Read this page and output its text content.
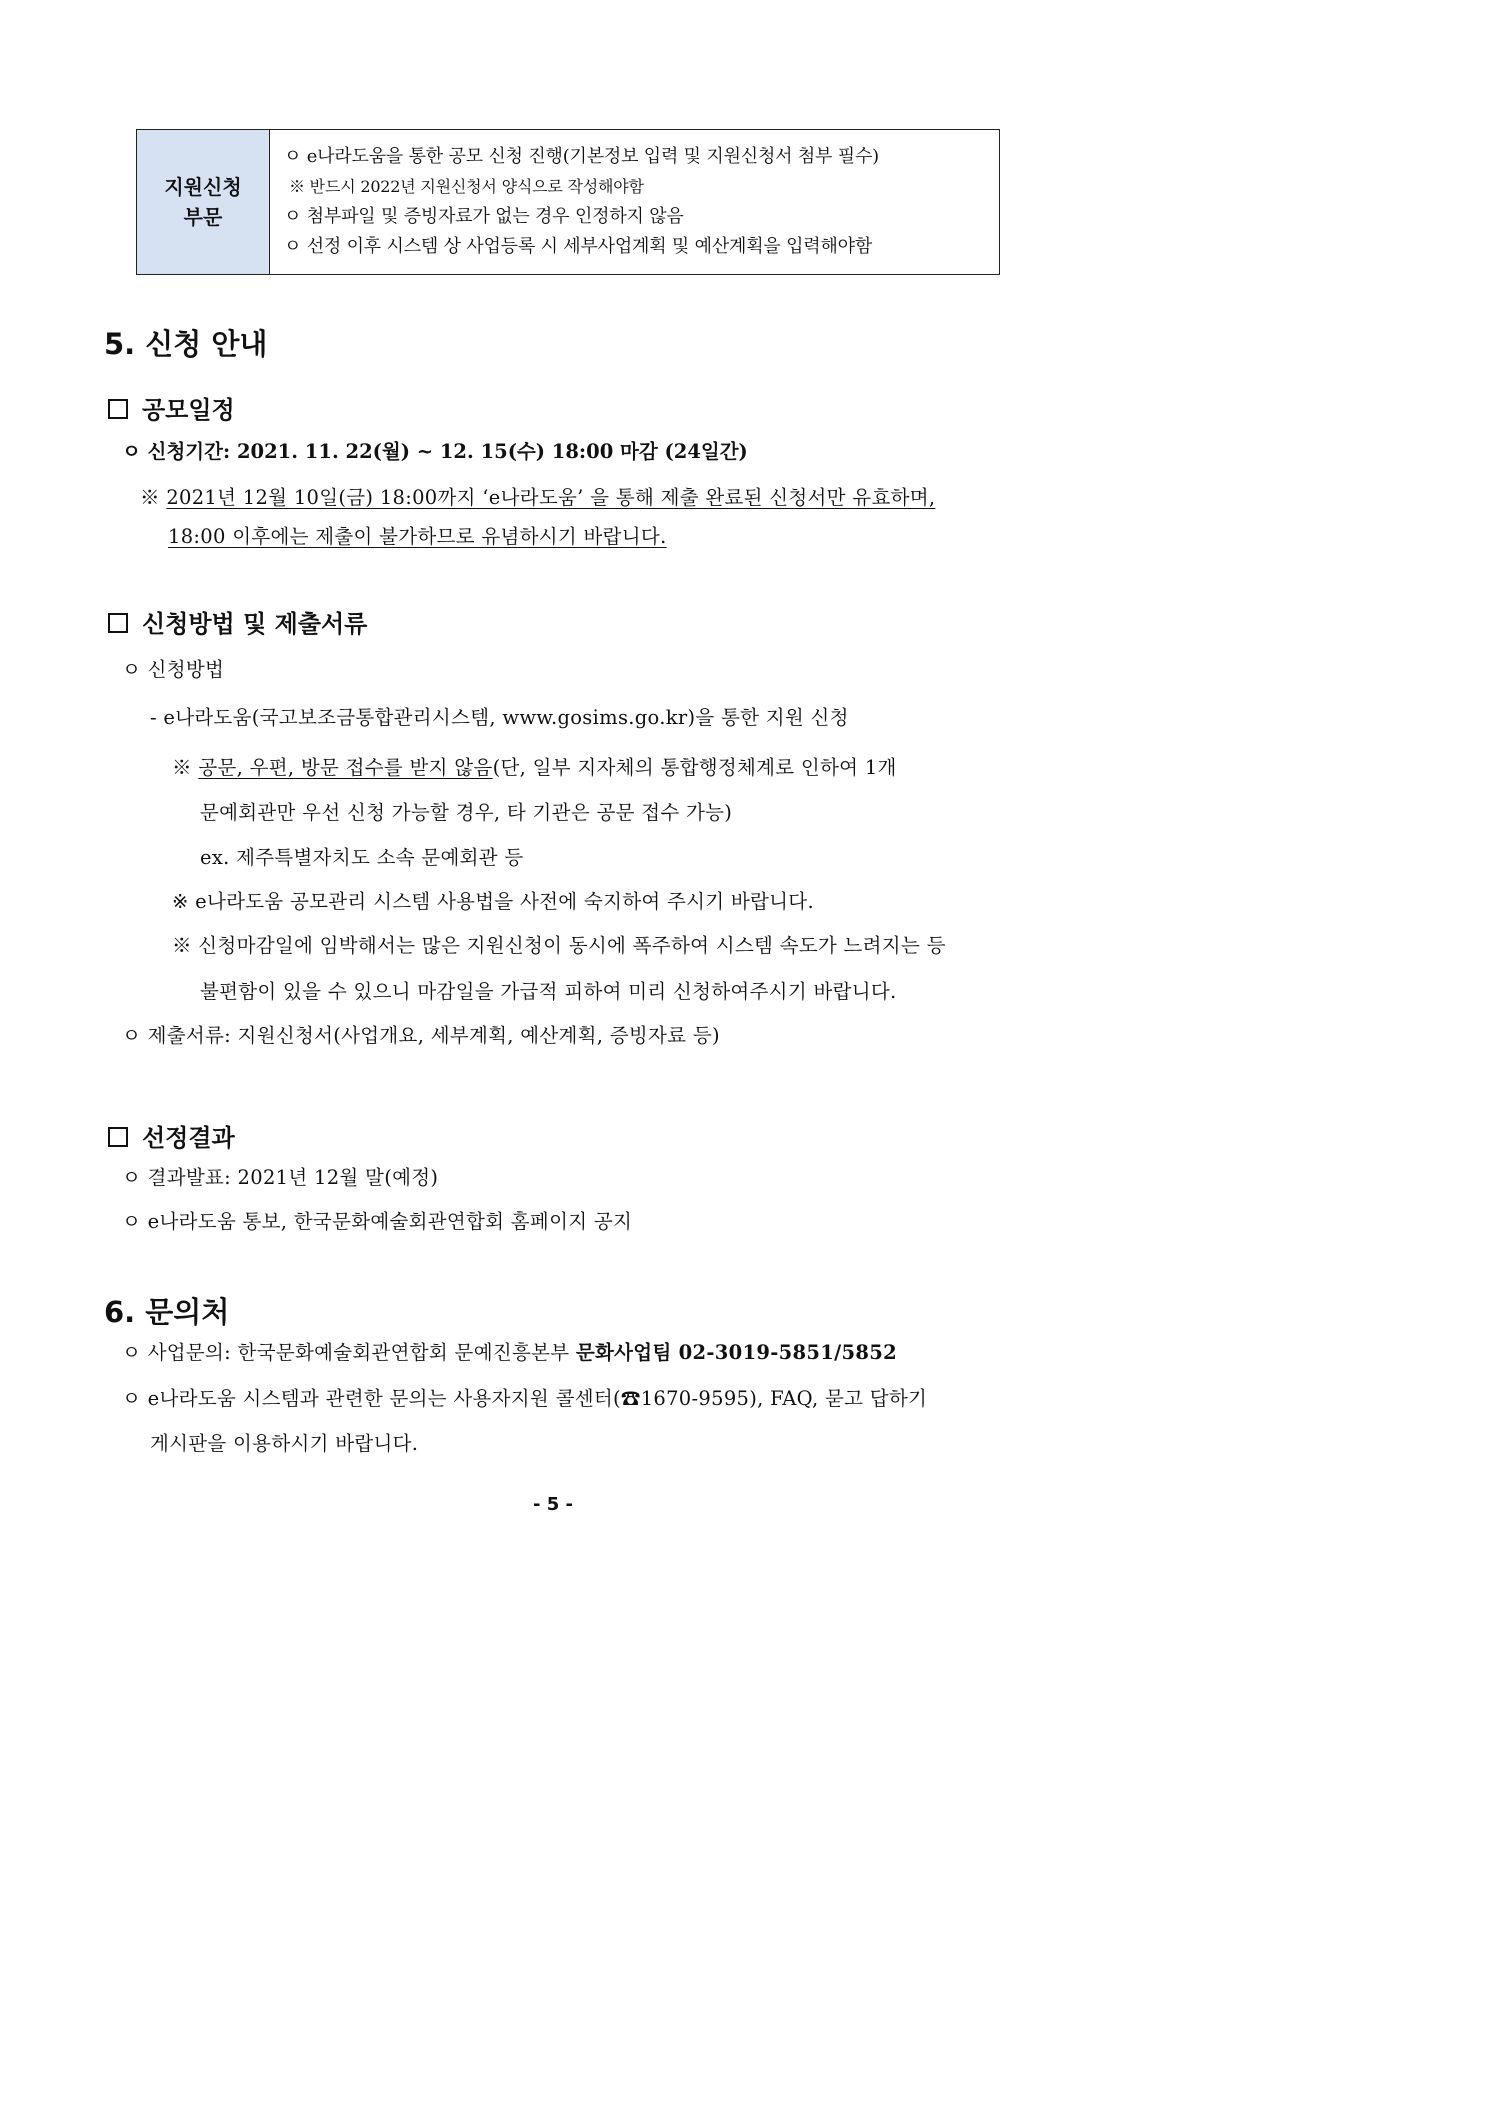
지원신청
부문
ㅇ e나라도움을 통한 공모 신청 진행(기본정보 입력 및 지원신청서 첨부 필수)
※ 반드시 2022년 지원신청서 양식으로 작성해야함
ㅇ 첨부파일 및 증빙자료가 없는 경우 인정하지 않음
ㅇ 선정 이후 시스템 상 사업등록 시 세부사업계획 및 예산계획을 입력해야함
5. 신청 안내
공모일정
ㅇ 신청기간: 2021. 11. 22(월) ~ 12. 15(수) 18:00 마감 (24일간)
※ 2021년 12월 10일(금) 18:00까지 ‘e나라도움’ 을 통해 제출 완료된 신청서만 유효하며,
18:00 이후에는 제출이 불가하므로 유념하시기 바랍니다.
신청방법 및 제출서류
ㅇ 신청방법
- e나라도움(국고보조금통합관리시스템, www.gosims.go.kr)을 통한 지원 신청
※ 공문, 우편, 방문 접수를 받지 않음(단, 일부 지자체의 통합행정체계로 인하여 1개
문예회관만 우선 신청 가능할 경우, 타 기관은 공문 접수 가능)
ex. 제주특별자치도 소속 문예회관 등
※ e나라도움 공모관리 시스템 사용법을 사전에 숙지하여 주시기 바랍니다.
※ 신청마감일에 임박해서는 많은 지원신청이 동시에 폭주하여 시스템 속도가 느려지는 등
불편함이 있을 수 있으니 마감일을 가급적 피하여 미리 신청하여주시기 바랍니다.
ㅇ 제출서류: 지원신청서(사업개요, 세부계획, 예산계획, 증빙자료 등)
선정결과
ㅇ 결과발표: 2021년 12월 말(예정)
ㅇ e나라도움 통보, 한국문화예술회관연합회 홈페이지 공지
6. 문의처
ㅇ 사업문의: 한국문화예술회관연합회 문예진흥본부 문화사업팀 02-3019-5851/5852
ㅇ e나라도움 시스템과 관련한 문의는 사용자지원 콜센터(☎1670-9595), FAQ, 묻고 답하기
게시판을 이용하시기 바랍니다.
- 5 -
